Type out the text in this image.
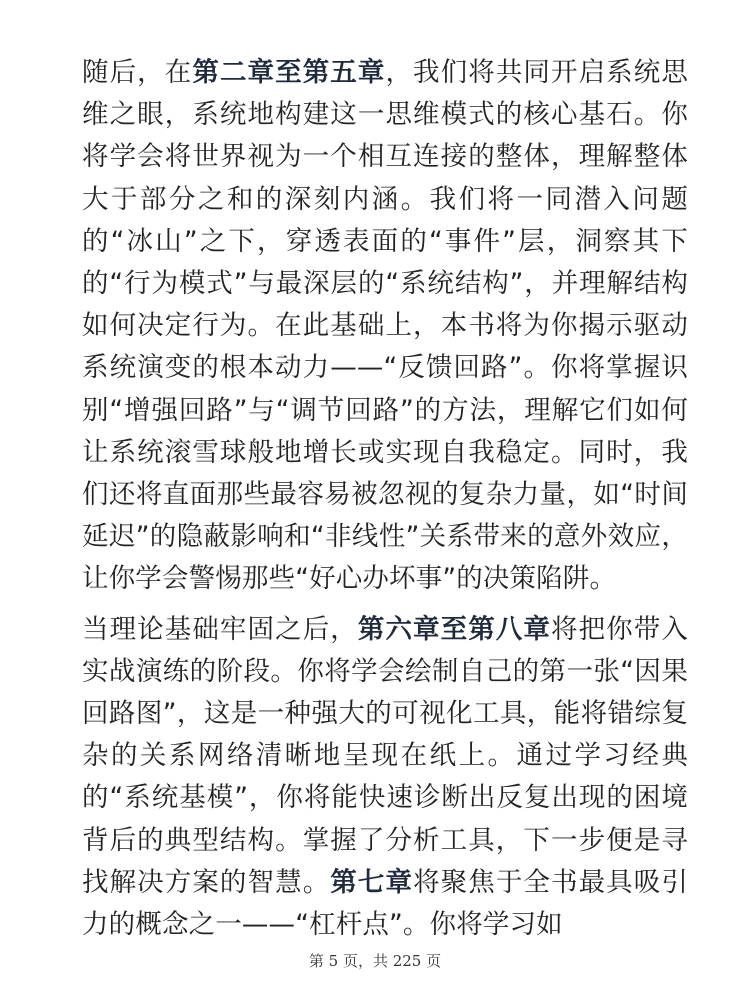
随后，在第二章至第五章，我们将共同开启系统思维之眼，系统地构建这一思维模式的核心基石。你将学会将世界视为一个相互连接的整体，理解整体大于部分之和的深刻内涵。我们将一同潜入问题的“冰山”之下，穿透表面的“事件”层，洞察其下的“行为模式”与最深层的“系统结构”，并理解结构如何决定行为。在此基础上，本书将为你揭示驱动系统演变的根本动力——“反馈回路”。你将掌握识别“增强回路”与“调节回路”的方法，理解它们如何让系统滚雪球般地增长或实现自我稳定。同时，我们还将直面那些最容易被忽视的复杂力量，如“时间延迟”的隐蔽影响和“非线性”关系带来的意外效应，让你学会警惕那些“好心办坏事”的决策陷阱。

当理论基础牢固之后，第六章至第八章将把你带入实战演练的阶段。你将学会绘制自己的第一张“因果回路图”，这是一种强大的可视化工具，能将错综复杂的关系网络清晰地呈现在纸上。通过学习经典的“系统基模”，你将能快速诊断出反复出现的困境背后的典型结构。掌握了分析工具，下一步便是寻找解决方案的智慧。第七章将聚焦于全书最具吸引力的概念之一——“杠杆点”。你将学习如

第 5 页，共 225 页
